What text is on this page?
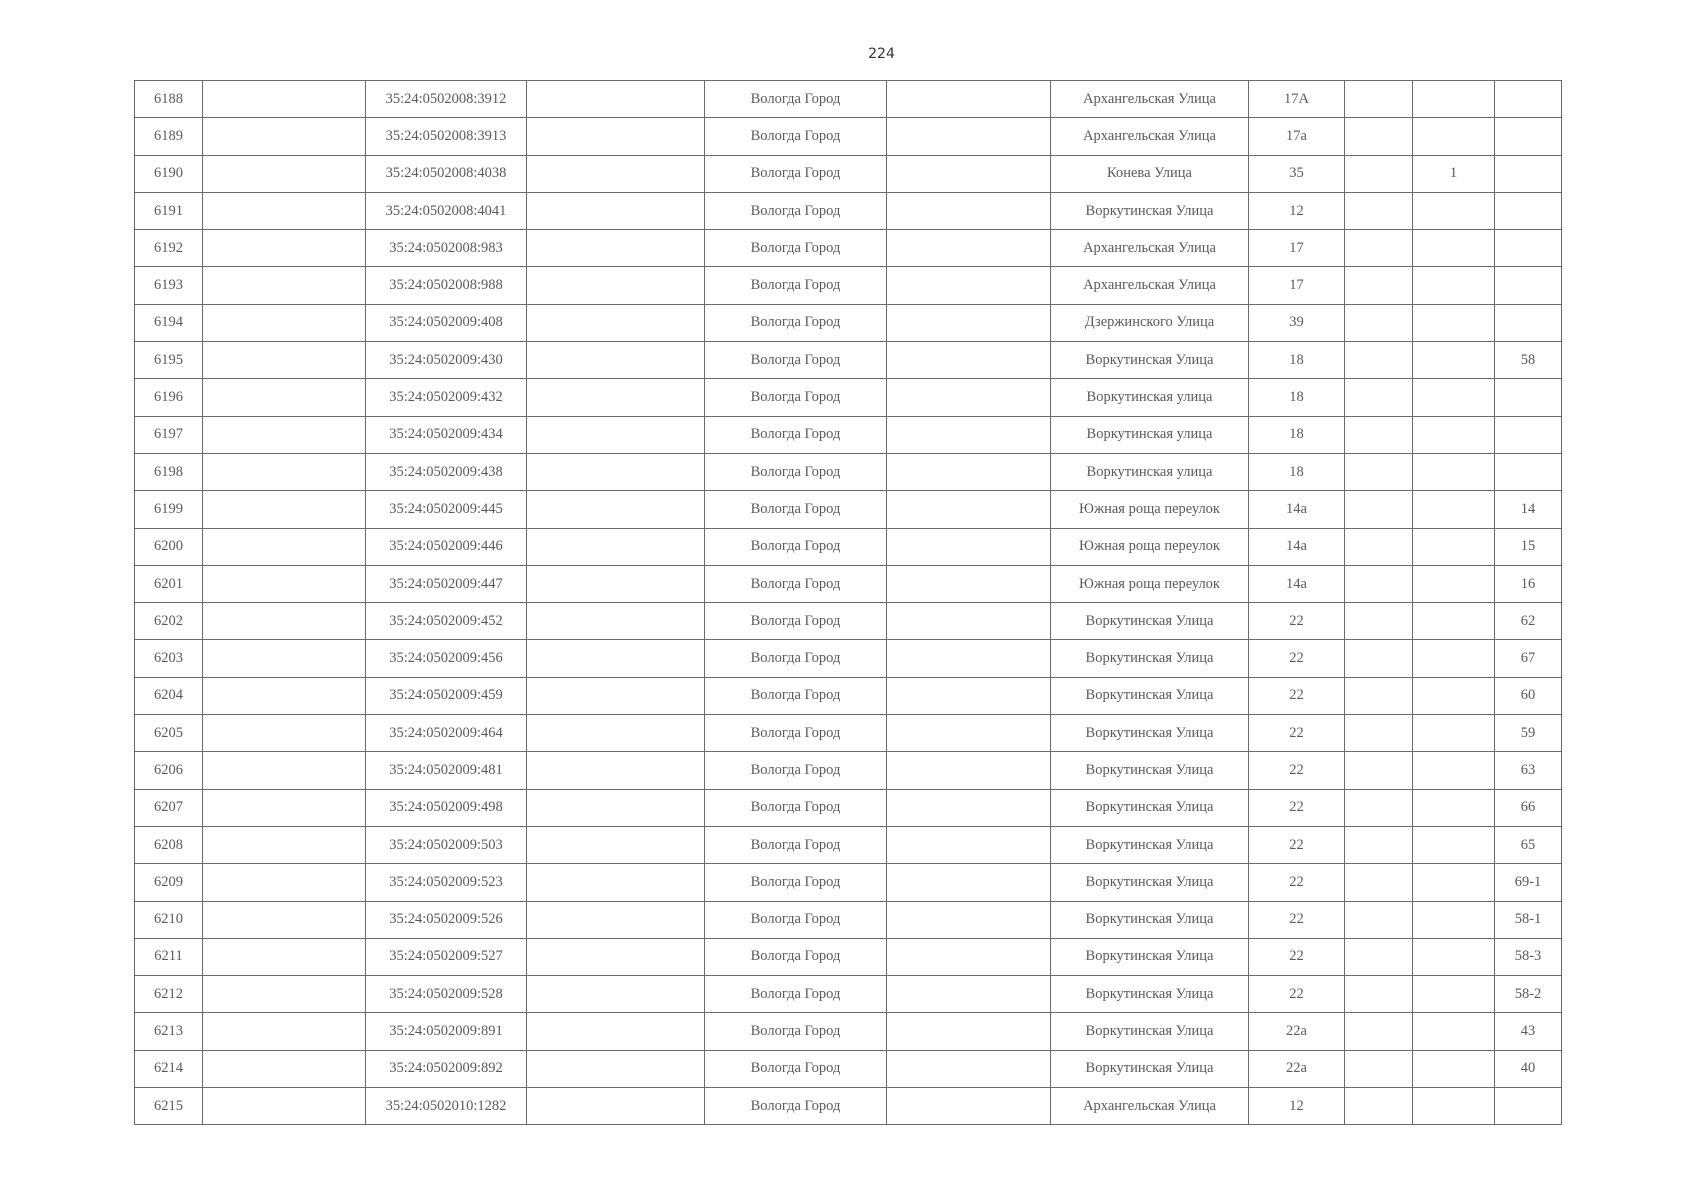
224
6188		35:24:0502008:3912		Вологда Город		Архангельская Улица	17А			
6189		35:24:0502008:3913		Вологда Город		Архангельская Улица	17а			
6190		35:24:0502008:4038		Вологда Город		Конева Улица	35		1	
6191		35:24:0502008:4041		Вологда Город		Воркутинская Улица	12			
6192		35:24:0502008:983		Вологда Город		Архангельская Улица	17			
6193		35:24:0502008:988		Вологда Город		Архангельская Улица	17			
6194		35:24:0502009:408		Вологда Город		Дзержинского Улица	39			
6195		35:24:0502009:430		Вологда Город		Воркутинская Улица	18			58
6196		35:24:0502009:432		Вологда Город		Воркутинская улица	18			
6197		35:24:0502009:434		Вологда Город		Воркутинская улица	18			
6198		35:24:0502009:438		Вологда Город		Воркутинская улица	18			
6199		35:24:0502009:445		Вологда Город		Южная роща переулок	14а			14
6200		35:24:0502009:446		Вологда Город		Южная роща переулок	14а			15
6201		35:24:0502009:447		Вологда Город		Южная роща переулок	14а			16
6202		35:24:0502009:452		Вологда Город		Воркутинская Улица	22			62
6203		35:24:0502009:456		Вологда Город		Воркутинская Улица	22			67
6204		35:24:0502009:459		Вологда Город		Воркутинская Улица	22			60
6205		35:24:0502009:464		Вологда Город		Воркутинская Улица	22			59
6206		35:24:0502009:481		Вологда Город		Воркутинская Улица	22			63
6207		35:24:0502009:498		Вологда Город		Воркутинская Улица	22			66
6208		35:24:0502009:503		Вологда Город		Воркутинская Улица	22			65
6209		35:24:0502009:523		Вологда Город		Воркутинская Улица	22			69-1
6210		35:24:0502009:526		Вологда Город		Воркутинская Улица	22			58-1
6211		35:24:0502009:527		Вологда Город		Воркутинская Улица	22			58-3
6212		35:24:0502009:528		Вологда Город		Воркутинская Улица	22			58-2
6213		35:24:0502009:891		Вологда Город		Воркутинская Улица	22а			43
6214		35:24:0502009:892		Вологда Город		Воркутинская Улица	22а			40
6215		35:24:0502010:1282		Вологда Город		Архангельская Улица	12			
